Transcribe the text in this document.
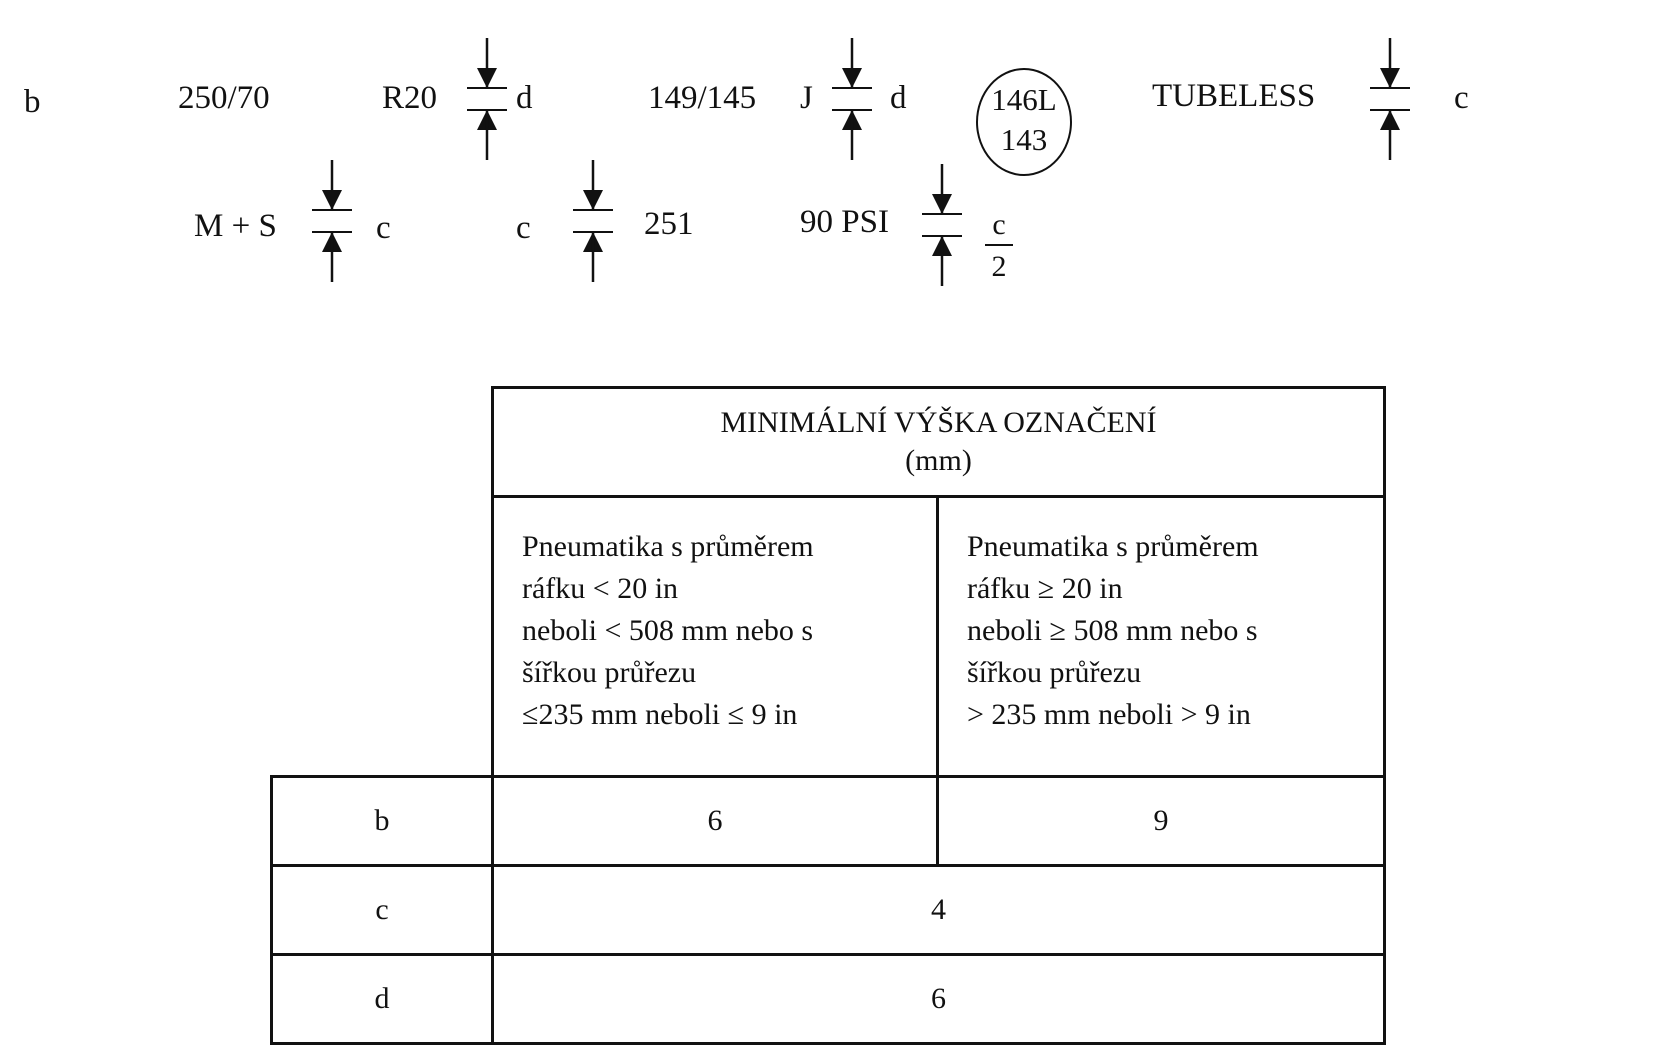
b	250/70	R20 d	149/145 J d	146L
143
TUBELESS	c
M + S	c	c	251	90 PSI	c
2

	MINIMÁLNÍ VÝŠKA OZNAČENÍ
(mm)	

	Pneumatika s průměrem
ráfku < 20 in
neboli < 508 mm nebo s
šířkou průřezu
≤235 mm neboli ≤ 9 in	Pneumatika s průměrem
ráfku ≥ 20 in
neboli ≥ 508 mm nebo s
šířkou průřezu
> 235 mm neboli > 9 in

b	6	9
c	4	
d	6	
